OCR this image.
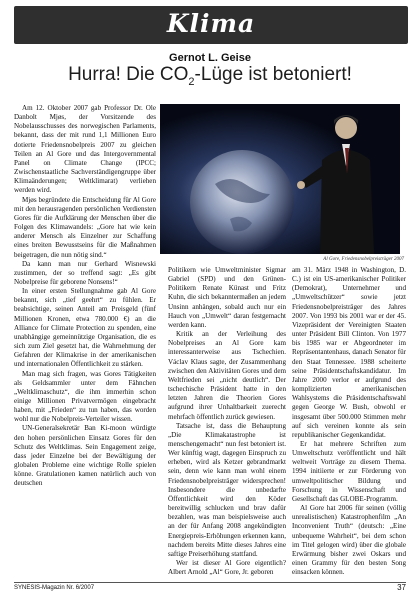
Klima
Gernot L. Geise
Hurra! Die $CO_2$-Lüge ist betoniert!
Al Gore, Friedensnobelpreisträger 2007

Am 12. Oktober 2007 gab Professor Dr. Ole Danbolt Mjøs, der Vorsitzende des Nobelausschusses des norwegischen Parlaments, bekannt, dass der mit rund 1,1 Millionen Euro dotierte Friedensnobelpreis 2007 zu gleichen Teilen an Al Gore und das Intergovernmental Panel on Climate Change (IPCC; Zwischenstaatliche Sachverständigengruppe über Klimaänderungen; Weltklimarat) verliehen werden wird.

Mjøs begründete die Entscheidung für Al Gore mit den herausragenden persönlichen Verdiensten Gores für die Aufklärung der Menschen über die Folgen des Klimawandels: „Gore hat wie kein anderer Mensch als Einzelner zur Schaffung eines breiten Bewusstseins für die Maßnahmen beigetragen, die nun nötig sind.“

Da kann man nur Gerhard Wisnewski zustimmen, der so treffend sagt: „Es gibt Nobelpreise für geborene Nonsens!“

In einer ersten Stellungnahme gab Al Gore bekannt, sich „tief geehrt“ zu fühlen. Er beabsichtige, seinen Anteil am Preisgeld (fünf Millionen Kronen, etwa 780.000 €) an die Alliance for Climate Protection zu spenden, eine unabhängige gemeinnützige Organisation, die es sich zum Ziel gesetzt hat, die Wahrnehmung der Gefahren der Klimakrise in der amerikanischen und internationalen Öffentlichkeit zu stärken.

Man mag sich fragen, was Gores Tätigkeiten als Geldsammler unter dem Fähnchen „Weltklimaschutz“, die ihm immerhin schon einige Millionen Privatvermögen eingebracht haben, mit „Frieden“ zu tun haben, das worden wohl nur die Nobelpreis-Verteiler wissen.

UN-Generalsekretär Ban Ki-moon würdigte den hohen persönlichen Einsatz Gores für den Schutz des Weltklimas. Sein Engagement zeige, dass jeder Einzelne bei der Bewältigung der globalen Probleme eine wichtige Rolle spielen könne. Gratulationen kamen natürlich auch von deutschen

Politikern wie Umweltminister Sigmar Gabriel (SPD) und den Grünen-Politikern Renate Künast und Fritz Kuhn, die sich bekanntermaßen an jedem Unsinn anhängen, sobald auch nur ein Hauch von „Umwelt“ daran festgemacht werden kann.

Kritik an der Verleihung des Nobelpreises an Al Gore kam interessanterweise aus Tschechien. Václav Klaus sagte, der Zusammenhang zwischen den Aktivitäten Gores und dem Weltfrieden sei „nicht deutlich“. Der tschechische Präsident hatte in den letzten Jahren die Theorien Gores aufgrund ihrer Unhaltbarkeit zuerecht mehrfach öffentlich zurück gewiesen.

Tatsache ist, dass die Behauptung „Die Klimakatastrophe ist menschengemacht“ nun fest betoniert ist. Wer künftig wagt, dagegen Einspruch zu erheben, wird als Ketzer gebrandmarkt sein, denn wie kann man wohl einem Friedensnobelpreisträger widersprechen! Insbesondere die unbedarfte Öffentlichkeit wird den Köder bereitwillig schlucken und brav dafür bezahlen, was man beispielsweise auch an der für Anfang 2008 angekündigten Energiepreis-Erhöhungen erkennen kann, nachdem bereits Mitte dieses Jahres eine saftige Preiserhöhung stattfand.

Wer ist dieser Al Gore eigentlich? Albert Arnold „Al“ Gore, Jr. geboren

am 31. März 1948 in Washington, D. C.) ist ein US-amerikanischer Politiker (Demokrat), Unternehmer und „Umweltschützer“ sowie jetzt Friedensnobelpreisträger des Jahres 2007. Von 1993 bis 2001 war er der 45. Vizepräsident der Vereinigten Staaten unter Präsident Bill Clinton. Von 1977 bis 1985 war er Abgeordneter im Repräsentantenhaus, danach Senator für den Staat Tennessee. 1988 scheiterte seine Präsidentschaftskandidatur. Im Jahre 2000 verlor er aufgrund des komplizierten amerikanischen Wahlsystems die Präsidentschaftswahl gegen George W. Bush, obwohl er insgesamt über 500.000 Stimmen mehr auf sich vereinen konnte als sein republikanischer Gegenkandidat.

Er hat mehrere Schriften zum Umweltschutz veröffentlicht und hält weltweit Vorträge zu diesem Thema. 1994 initiierte er zur Förderung von umweltpolitischer Bildung und Forschung in Wissenschaft und Gesellschaft das GLOBE-Programm.

Al Gore hat 2006 für seinen (völlig unrealistischen) Katastrophenfilm „An Inconvenient Truth“ (deutsch: „Eine unbequeme Wahrheit“, bei dem schon im Titel gelogen wird) über die globale Erwärmung bisher zwei Oskars und einen Grammy für den besten Song einsacken können.

SYNESIS-Magazin Nr. 6/2007	37
